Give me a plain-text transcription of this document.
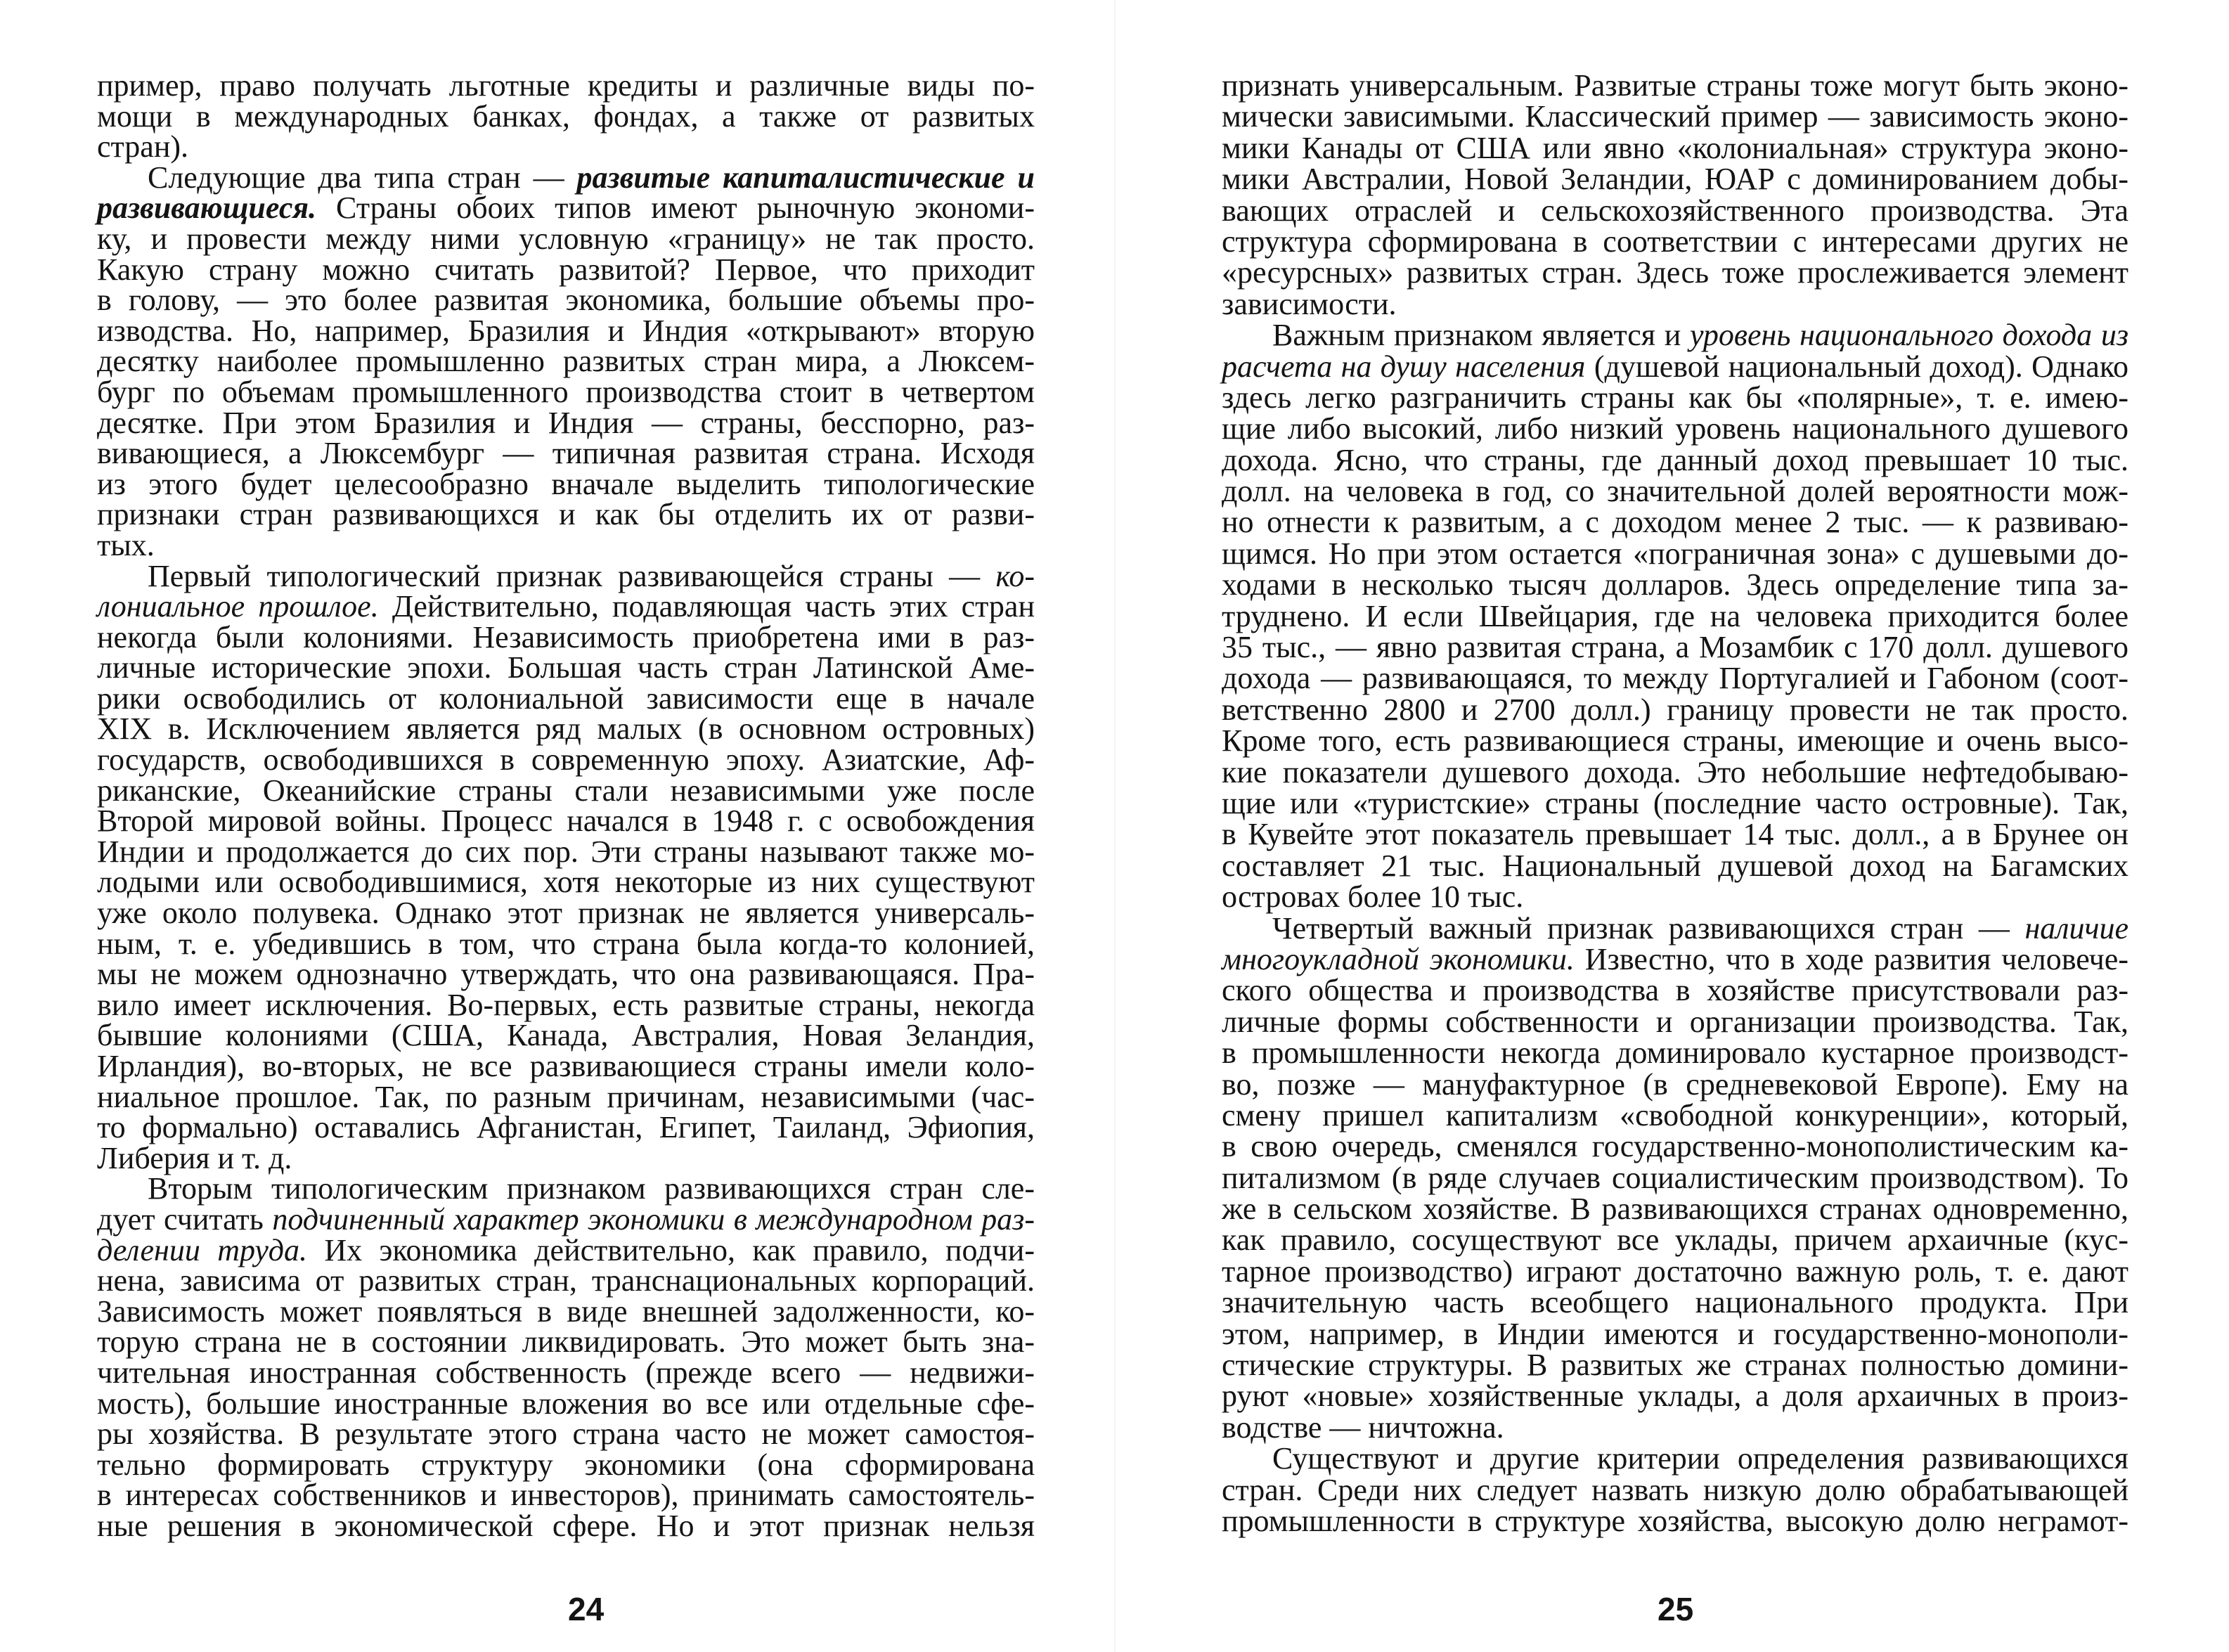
пример, право получать льготные кредиты и различные виды по-
мощи в международных банках, фондах, а также от развитых
стран).
Следующие два типа стран — развитые капиталистические и
развивающиеся. Страны обоих типов имеют рыночную экономи-
ку, и провести между ними условную «границу» не так просто.
Какую страну можно считать развитой? Первое, что приходит
в голову, — это более развитая экономика, большие объемы про-
изводства. Но, например, Бразилия и Индия «открывают» вторую
десятку наиболее промышленно развитых стран мира, а Люксем-
бург по объемам промышленного производства стоит в четвертом
десятке. При этом Бразилия и Индия — страны, бесспорно, раз-
вивающиеся, а Люксембург — типичная развитая страна. Исходя
из этого будет целесообразно вначале выделить типологические
признаки стран развивающихся и как бы отделить их от разви-
тых.
Первый типологический признак развивающейся страны — ко-
лониальное прошлое. Действительно, подавляющая часть этих стран
некогда были колониями. Независимость приобретена ими в раз-
личные исторические эпохи. Большая часть стран Латинской Аме-
рики освободились от колониальной зависимости еще в начале
XIX в. Исключением является ряд малых (в основном островных)
государств, освободившихся в современную эпоху. Азиатские, Аф-
риканские, Океанийские страны стали независимыми уже после
Второй мировой войны. Процесс начался в 1948 г. с освобождения
Индии и продолжается до сих пор. Эти страны называют также мо-
лодыми или освободившимися, хотя некоторые из них существуют
уже около полувека. Однако этот признак не является универсаль-
ным, т. е. убедившись в том, что страна была когда-то колонией,
мы не можем однозначно утверждать, что она развивающаяся. Пра-
вило имеет исключения. Во-первых, есть развитые страны, некогда
бывшие колониями (США, Канада, Австралия, Новая Зеландия,
Ирландия), во-вторых, не все развивающиеся страны имели коло-
ниальное прошлое. Так, по разным причинам, независимыми (час-
то формально) оставались Афганистан, Египет, Таиланд, Эфиопия,
Либерия и т. д.
Вторым типологическим признаком развивающихся стран сле-
дует считать подчиненный характер экономики в международном раз-
делении труда. Их экономика действительно, как правило, подчи-
нена, зависима от развитых стран, транснациональных корпораций.
Зависимость может появляться в виде внешней задолженности, ко-
торую страна не в состоянии ликвидировать. Это может быть зна-
чительная иностранная собственность (прежде всего — недвижи-
мость), большие иностранные вложения во все или отдельные сфе-
ры хозяйства. В результате этого страна часто не может самостоя-
тельно формировать структуру экономики (она сформирована
в интересах собственников и инвесторов), принимать самостоятель-
ные решения в экономической сфере. Но и этот признак нельзя
признать универсальным. Развитые страны тоже могут быть эконо-
мически зависимыми. Классический пример — зависимость эконо-
мики Канады от США или явно «колониальная» структура эконо-
мики Австралии, Новой Зеландии, ЮАР с доминированием добы-
вающих отраслей и сельскохозяйственного производства. Эта
структура сформирована в соответствии с интересами других не
«ресурсных» развитых стран. Здесь тоже прослеживается элемент
зависимости.
Важным признаком является и уровень национального дохода из
расчета на душу населения (душевой национальный доход). Однако
здесь легко разграничить страны как бы «полярные», т. е. имею-
щие либо высокий, либо низкий уровень национального душевого
дохода. Ясно, что страны, где данный доход превышает 10 тыс.
долл. на человека в год, со значительной долей вероятности мож-
но отнести к развитым, а с доходом менее 2 тыс. — к развиваю-
щимся. Но при этом остается «пограничная зона» с душевыми до-
ходами в несколько тысяч долларов. Здесь определение типа за-
труднено. И если Швейцария, где на человека приходится более
35 тыс., — явно развитая страна, а Мозамбик с 170 долл. душевого
дохода — развивающаяся, то между Португалией и Габоном (соот-
ветственно 2800 и 2700 долл.) границу провести не так просто.
Кроме того, есть развивающиеся страны, имеющие и очень высо-
кие показатели душевого дохода. Это небольшие нефтедобываю-
щие или «туристские» страны (последние часто островные). Так,
в Кувейте этот показатель превышает 14 тыс. долл., а в Брунее он
составляет 21 тыс. Национальный душевой доход на Багамских
островах более 10 тыс.
Четвертый важный признак развивающихся стран — наличие
многоукладной экономики. Известно, что в ходе развития человече-
ского общества и производства в хозяйстве присутствовали раз-
личные формы собственности и организации производства. Так,
в промышленности некогда доминировало кустарное производст-
во, позже — мануфактурное (в средневековой Европе). Ему на
смену пришел капитализм «свободной конкуренции», который,
в свою очередь, сменялся государственно-монополистическим ка-
питализмом (в ряде случаев социалистическим производством). То
же в сельском хозяйстве. В развивающихся странах одновременно,
как правило, сосуществуют все уклады, причем архаичные (кус-
тарное производство) играют достаточно важную роль, т. е. дают
значительную часть всеобщего национального продукта. При
этом, например, в Индии имеются и государственно-монополи-
стические структуры. В развитых же странах полностью домини-
руют «новые» хозяйственные уклады, а доля архаичных в произ-
водстве — ничтожна.
Существуют и другие критерии определения развивающихся
стран. Среди них следует назвать низкую долю обрабатывающей
промышленности в структуре хозяйства, высокую долю неграмот-
24	25
